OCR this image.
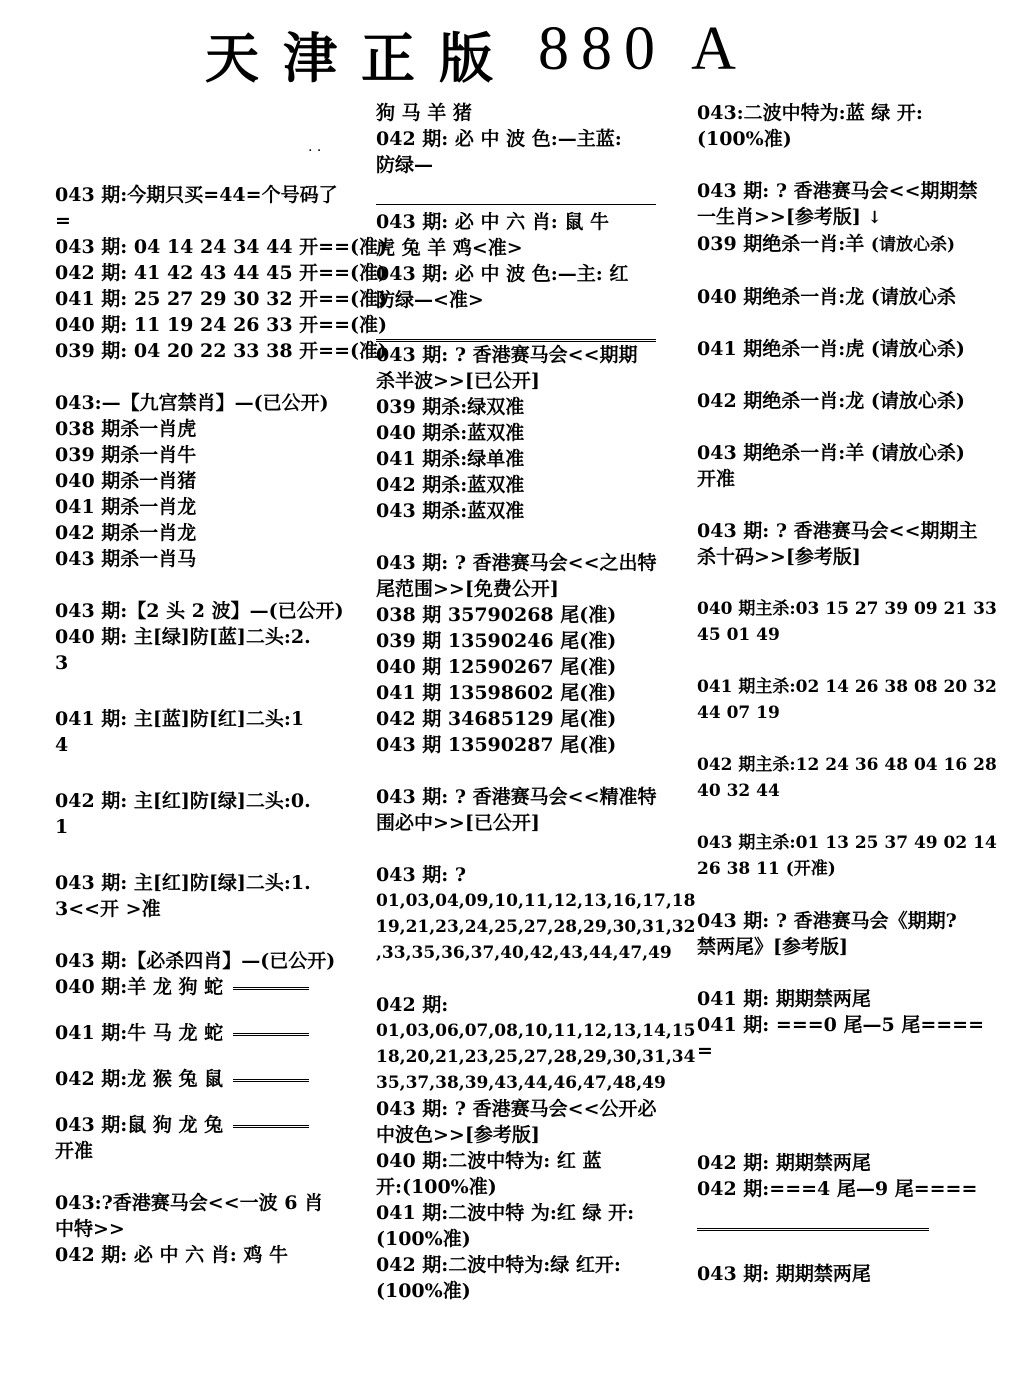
天津正版 880 A
. .
043 期:今期只买=44=个号码了
=
043 期: 04 14 24 34 44 开==(准)
042 期: 41 42 43 44 45 开==(准)
041 期: 25 27 29 30 32 开==(准)
040 期: 11 19 24 26 33 开==(准)
039 期: 04 20 22 33 38 开==(准)
043:—【九宫禁肖】—(已公开)
038 期杀一肖虎
039 期杀一肖牛
040 期杀一肖猪
041 期杀一肖龙
042 期杀一肖龙
043 期杀一肖马
043 期:【2 头 2 波】—(已公开)
040 期: 主[绿]防[蓝]二头:2.
3
041 期: 主[蓝]防[红]二头:1
4
042 期: 主[红]防[绿]二头:0.
1
043 期: 主[红]防[绿]二头:1.
3<<开 >准
043 期:【必杀四肖】—(已公开)
040 期:羊 龙 狗 蛇
041 期:牛 马 龙 蛇
042 期:龙 猴 兔 鼠
043 期:鼠 狗 龙 兔
开准
043:?香港赛马会<<一波 6 肖
中特>>
042 期: 必 中 六 肖: 鸡 牛
狗 马 羊 猪
042 期: 必 中 波 色:—主蓝:
防绿—
043 期: 必 中 六 肖: 鼠 牛
虎 兔 羊 鸡<准>
043 期: 必 中 波 色:—主: 红
防绿—<准>
043 期: ? 香港赛马会<<期期
杀半波>>[已公开]
039 期杀:绿双准
040 期杀:蓝双准
041 期杀:绿单准
042 期杀:蓝双准
043 期杀:蓝双准
043 期: ? 香港赛马会<<之出特
尾范围>>[免费公开]
038 期 35790268 尾(准)
039 期 13590246 尾(准)
040 期 12590267 尾(准)
041 期 13598602 尾(准)
042 期 34685129 尾(准)
043 期 13590287 尾(准)
043 期: ? 香港赛马会<<精准特
围必中>>[已公开]
043 期: ?
01,03,04,09,10,11,12,13,16,17,18
19,21,23,24,25,27,28,29,30,31,32
,33,35,36,37,40,42,43,44,47,49
042 期:
01,03,06,07,08,10,11,12,13,14,15
18,20,21,23,25,27,28,29,30,31,34
35,37,38,39,43,44,46,47,48,49
043 期: ? 香港赛马会<<公开必
中波色>>[参考版]
040 期:二波中特为: 红 蓝
开:(100%准)
041 期:二波中特 为:红 绿 开:
(100%准)
042 期:二波中特为:绿 红开:
(100%准)
043:二波中特为:蓝 绿 开:
(100%准)
043 期: ? 香港赛马会<<期期禁
一生肖>>[参考版] ↓
039 期绝杀一肖:羊 (请放心杀)
040 期绝杀一肖:龙 (请放心杀
041 期绝杀一肖:虎 (请放心杀)
042 期绝杀一肖:龙 (请放心杀)
043 期绝杀一肖:羊 (请放心杀)
开准
043 期: ? 香港赛马会<<期期主
杀十码>>[参考版]
040 期主杀:03 15 27 39 09 21 33
45 01 49
041 期主杀:02 14 26 38 08 20 32
44 07 19
042 期主杀:12 24 36 48 04 16 28
40 32 44
043 期主杀:01 13 25 37 49 02 14
26 38 11 (开准)
043 期: ? 香港赛马会《期期?
禁两尾》[参考版]
041 期: 期期禁两尾
041 期: ===0 尾—5 尾====
=
042 期: 期期禁两尾
042 期:===4 尾—9 尾====
043 期: 期期禁两尾
